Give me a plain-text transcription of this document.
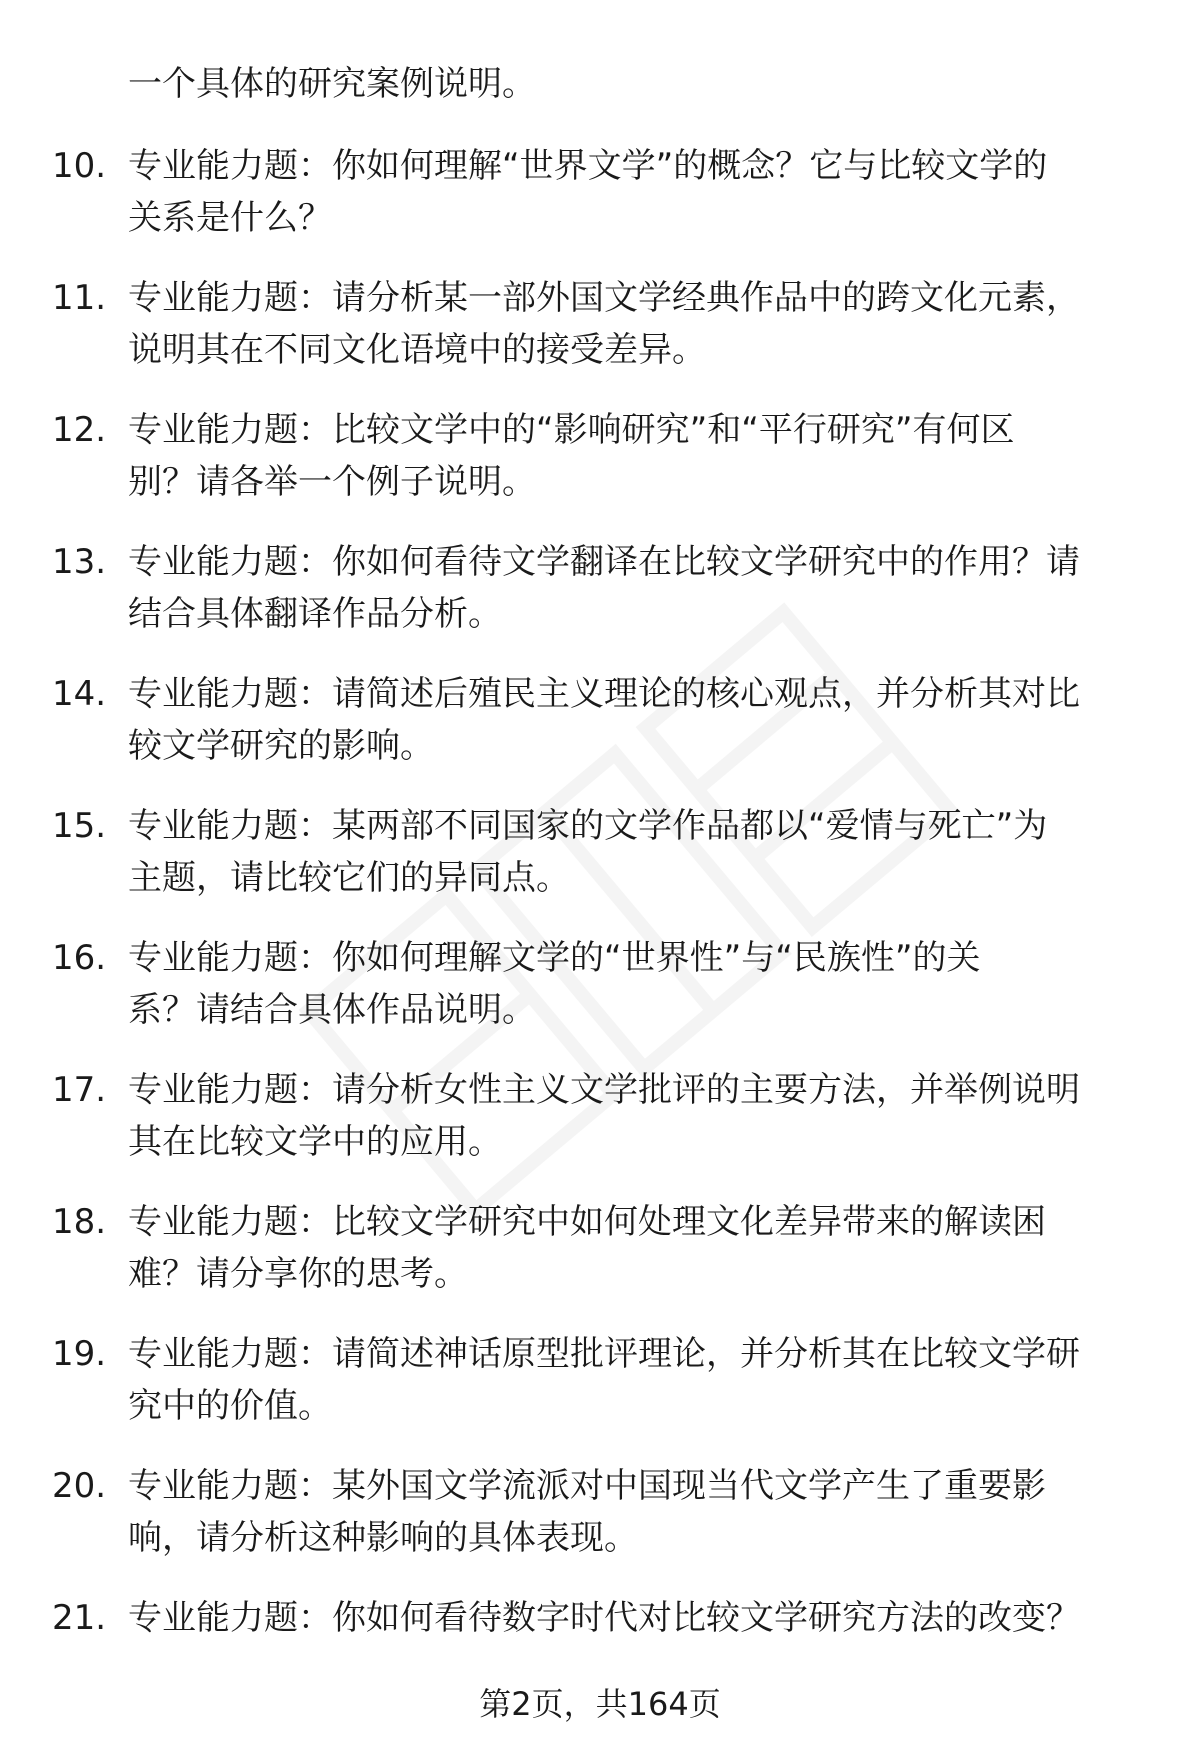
一个具体的研究案例说明。
10. 专业能力题：你如何理解“世界文学”的概念？它与比较文学的
关系是什么？
11. 专业能力题：请分析某一部外国文学经典作品中的跨文化元素，
说明其在不同文化语境中的接受差异。
12. 专业能力题：比较文学中的“影响研究”和“平行研究”有何区
别？请各举一个例子说明。
13. 专业能力题：你如何看待文学翻译在比较文学研究中的作用？请
结合具体翻译作品分析。
14. 专业能力题：请简述后殖民主义理论的核心观点，并分析其对比
较文学研究的影响。
15. 专业能力题：某两部不同国家的文学作品都以“爱情与死亡”为
主题，请比较它们的异同点。
16. 专业能力题：你如何理解文学的“世界性”与“民族性”的关
系？请结合具体作品说明。
17. 专业能力题：请分析女性主义文学批评的主要方法，并举例说明
其在比较文学中的应用。
18. 专业能力题：比较文学研究中如何处理文化差异带来的解读困
难？请分享你的思考。
19. 专业能力题：请简述神话原型批评理论，并分析其在比较文学研
究中的价值。
20. 专业能力题：某外国文学流派对中国现当代文学产生了重要影
响，请分析这种影响的具体表现。
21. 专业能力题：你如何看待数字时代对比较文学研究方法的改变？
第2页，共164页
